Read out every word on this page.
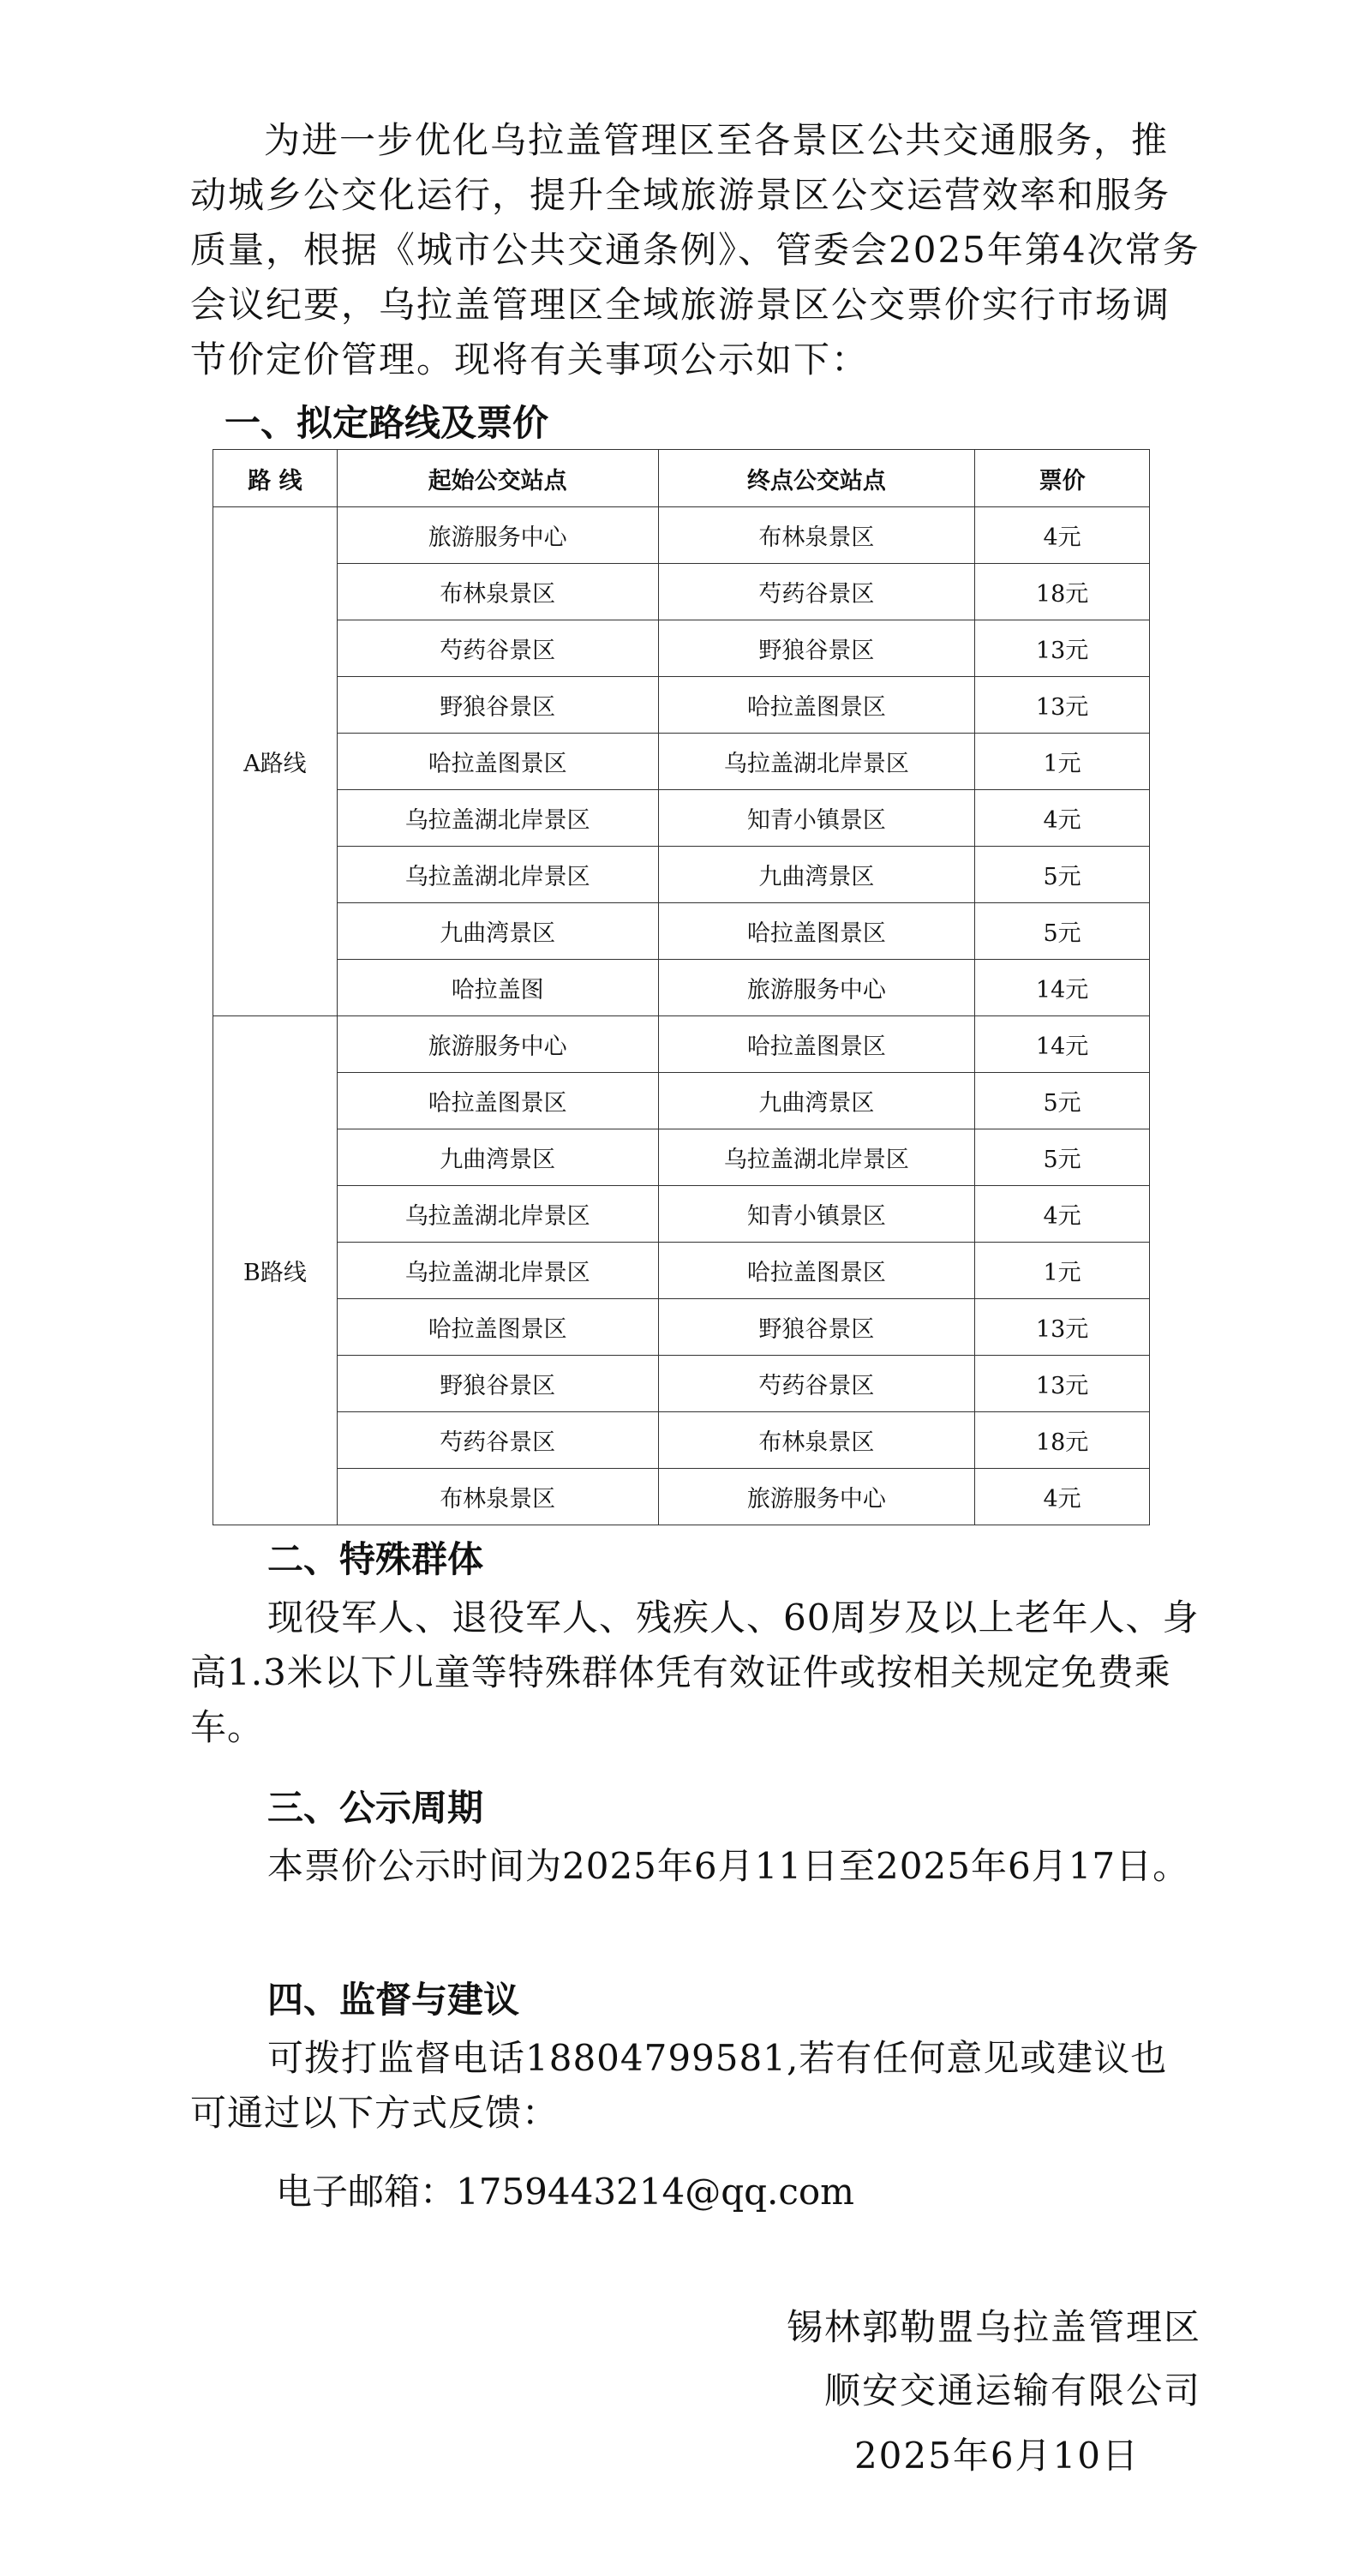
为进一步优化乌拉盖管理区至各景区公共交通服务，推动城乡公交化运行，提升全域旅游景区公交运营效率和服务质量，根据《城市公共交通条例》、管委会2025年第4次常务会议纪要，乌拉盖管理区全域旅游景区公交票价实行市场调节价定价管理。现将有关事项公示如下：

一、拟定路线及票价

路 线	起始公交站点	终点公交站点	票价
A路线	旅游服务中心	布林泉景区	4元
	布林泉景区	芍药谷景区	18元
	芍药谷景区	野狼谷景区	13元
	野狼谷景区	哈拉盖图景区	13元
	哈拉盖图景区	乌拉盖湖北岸景区	1元
	乌拉盖湖北岸景区	知青小镇景区	4元
	乌拉盖湖北岸景区	九曲湾景区	5元
	九曲湾景区	哈拉盖图景区	5元
	哈拉盖图	旅游服务中心	14元
B路线	旅游服务中心	哈拉盖图景区	14元
	哈拉盖图景区	九曲湾景区	5元
	九曲湾景区	乌拉盖湖北岸景区	5元
	乌拉盖湖北岸景区	知青小镇景区	4元
	乌拉盖湖北岸景区	哈拉盖图景区	1元
	哈拉盖图景区	野狼谷景区	13元
	野狼谷景区	芍药谷景区	13元
	芍药谷景区	布林泉景区	18元
	布林泉景区	旅游服务中心	4元

二、特殊群体

现役军人、退役军人、残疾人、60周岁及以上老年人、身高1.3米以下儿童等特殊群体凭有效证件或按相关规定免费乘车。

三、公示周期

本票价公示时间为2025年6月11日至2025年6月17日。

四、监督与建议

可拨打监督电话18804799581,若有任何意见或建议也可通过以下方式反馈：

电子邮箱：1759443214@qq.com

锡林郭勒盟乌拉盖管理区

顺安交通运输有限公司

2025年6月10日
